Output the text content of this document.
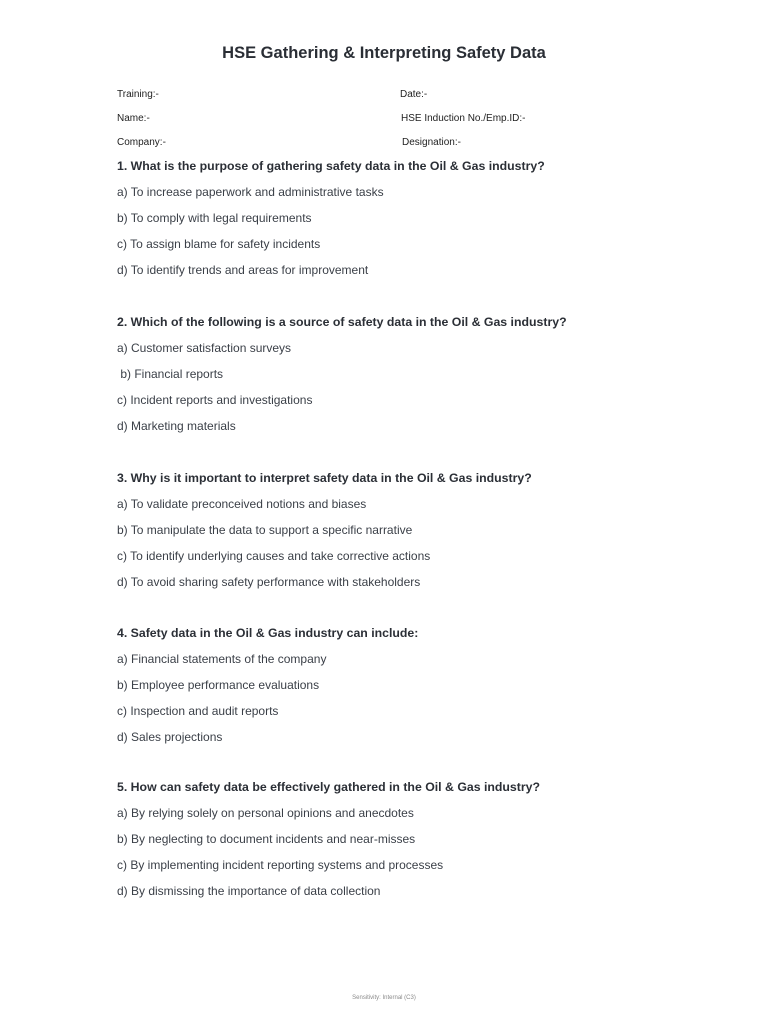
HSE Gathering & Interpreting Safety Data
Training:-	Date:-
Name:-	HSE Induction No./Emp.ID:-
Company:-	Designation:-
1. What is the purpose of gathering safety data in the Oil & Gas industry?
a) To increase paperwork and administrative tasks
b) To comply with legal requirements
c) To assign blame for safety incidents
d) To identify trends and areas for improvement
2. Which of the following is a source of safety data in the Oil & Gas industry?
a) Customer satisfaction surveys
b) Financial reports
c) Incident reports and investigations
d) Marketing materials
3. Why is it important to interpret safety data in the Oil & Gas industry?
a) To validate preconceived notions and biases
b) To manipulate the data to support a specific narrative
c) To identify underlying causes and take corrective actions
d) To avoid sharing safety performance with stakeholders
4. Safety data in the Oil & Gas industry can include:
a) Financial statements of the company
b) Employee performance evaluations
c) Inspection and audit reports
d) Sales projections
5. How can safety data be effectively gathered in the Oil & Gas industry?
a) By relying solely on personal opinions and anecdotes
b) By neglecting to document incidents and near-misses
c) By implementing incident reporting systems and processes
d) By dismissing the importance of data collection
Sensitivity: Internal (C3)
